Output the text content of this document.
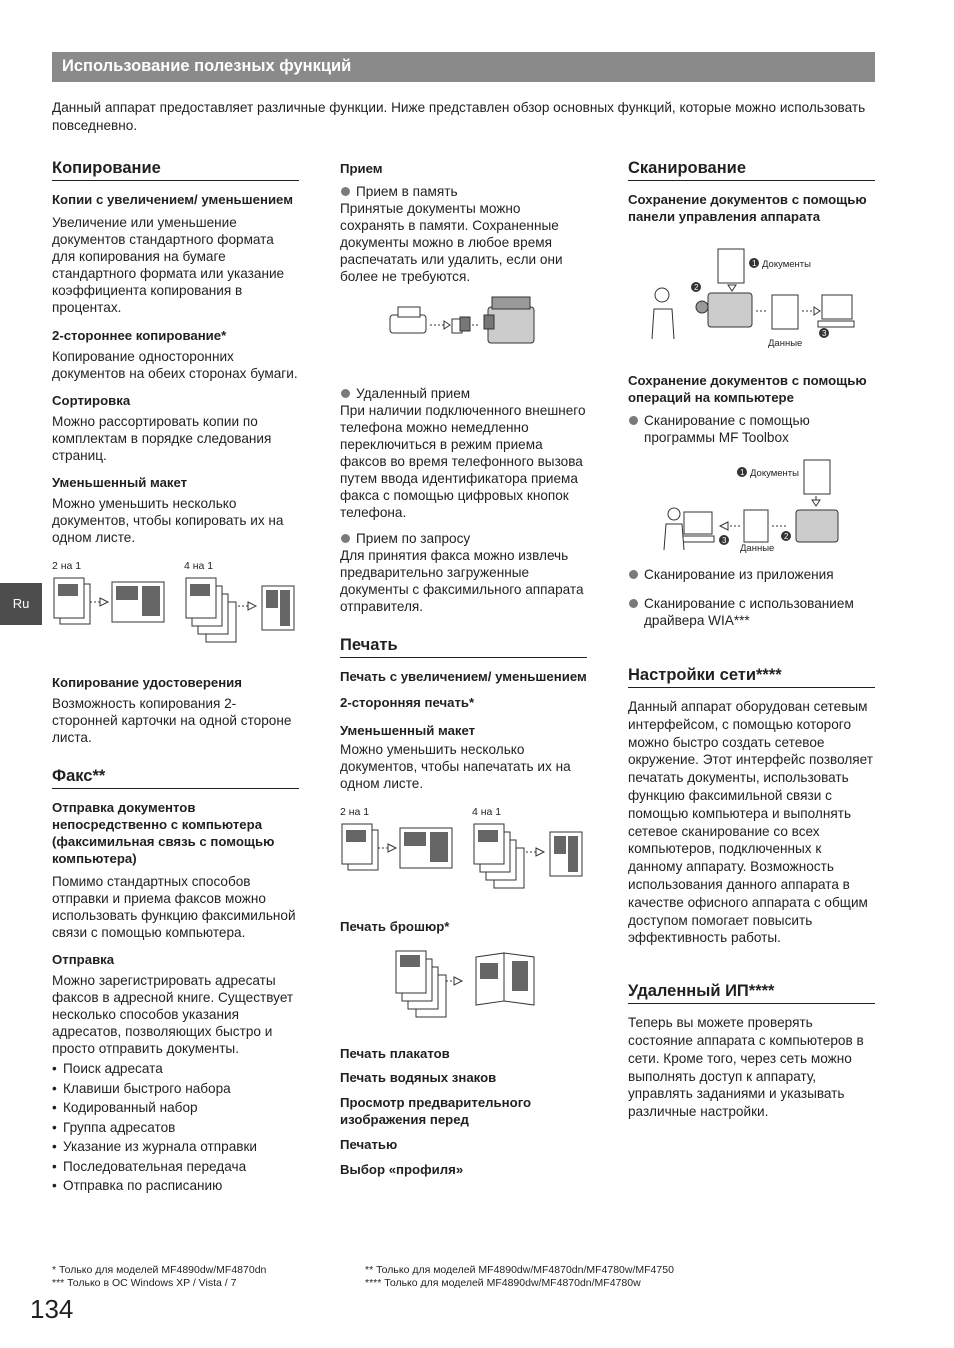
Использование полезных функций
Данный аппарат предоставляет различные функции. Ниже представлен обзор основных функций, которые можно использовать повседневно.
Ru
Копирование
Копии с увеличением/ уменьшением
Увеличение или уменьшение документов стандартного формата для копирования на бумаге стандартного формата или указание коэффициента копирования в процентах.
2-стороннее копирование*
Копирование односторонних документов на обеих сторонах бумаги.
Сортировка
Можно рассортировать копии по комплектам в порядке следования страниц.
Уменьшенный макет
Можно уменьшить несколько документов, чтобы копировать их на одном листе.
2 на 1	4 на 1
Копирование удостоверения
Возможность копирования 2-сторонней карточки на одной стороне листа.
Факс**
Отправка документов непосредственно с компьютера (факсимильная связь с помощью компьютера)
Помимо стандартных способов отправки и приема факсов можно использовать функцию факсимильной связи с помощью компьютера.
Отправка
Можно зарегистрировать адресаты факсов в адресной книге. Существует несколько способов указания адресатов, позволяющих быстро и просто отправить документы.
• Поиск адресата
• Клавиши быстрого набора
• Кодированный набор
• Группа адресатов
• Указание из журнала отправки
• Последовательная передача
• Отправка по расписанию
Прием
Прием в память
Принятые документы можно сохранять в памяти. Сохраненные документы можно в любое время распечатать или удалить, если они более не требуются.
Удаленный прием
При наличии подключенного внешнего телефона можно немедленно переключиться в режим приема факсов во время телефонного вызова путем ввода идентификатора приема факса с помощью цифровых кнопок телефона.
Прием по запросу
Для принятия факса можно извлечь предварительно загруженные документы с факсимильного аппарата отправителя.
Печать
Печать с увеличением/ уменьшением
2-сторонняя печать*
Уменьшенный макет
Можно уменьшить несколько документов, чтобы напечатать их на одном листе.
2 на 1	4 на 1
Печать брошюр*
Печать плакатов
Печать водяных знаков
Просмотр предварительного изображения перед
Печатью
Выбор «профиля»
Сканирование
Сохранение документов с помощью панели управления аппарата
1 Документы
2
Данные
3
Сохранение документов с помощью операций на компьютере
Сканирование с помощью программы MF Toolbox
1 Документы
2
Данные
3
Сканирование из приложения
Сканирование с использованием драйвера WIA***
Настройки сети****
Данный аппарат оборудован сетевым интерфейсом, с помощью которого можно быстро создать сетевое окружение. Этот интерфейс позволяет печатать документы, использовать функцию факсимильной связи с помощью компьютера и выполнять сетевое сканирование со всех компьютеров, подключенных к данному аппарату. Возможность использования данного аппарата в качестве офисного аппарата с общим доступом помогает повысить эффективность работы.
Удаленный ИП****
Теперь вы можете проверять состояние аппарата с компьютеров в сети. Кроме того, через сеть можно выполнять доступ к аппарату, управлять заданиями и указывать различные настройки.
* Только для моделей MF4890dw/MF4870dn
*** Только в ОС Windows XP / Vista / 7
** Только для моделей MF4890dw/MF4870dn/MF4780w/MF4750
**** Только для моделей MF4890dw/MF4870dn/MF4780w
134
